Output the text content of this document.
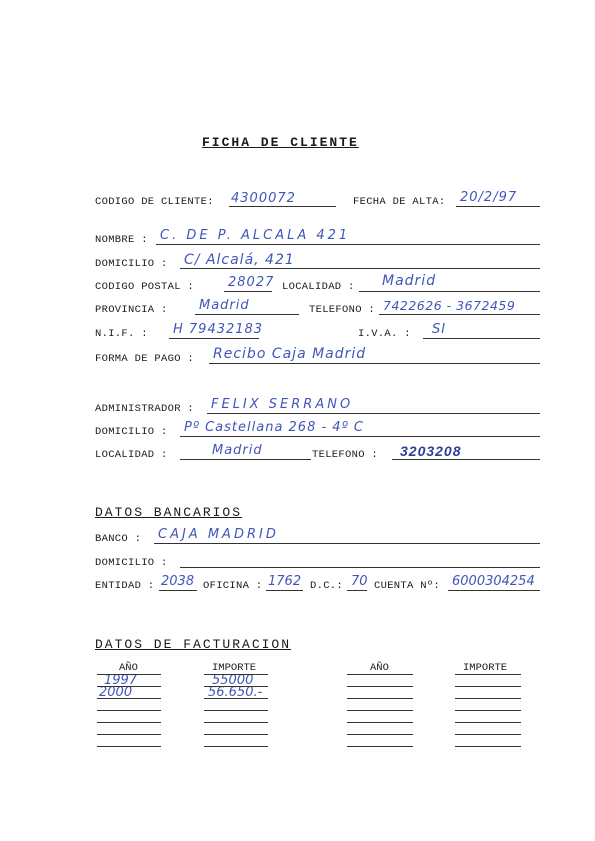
FICHA DE CLIENTE
CODIGO DE CLIENTE: 4300072	FECHA DE ALTA: 20/2/97
NOMBRE : C. DE P. ALCALA 421
DOMICILIO : C/ Alcalá, 421
CODIGO POSTAL :	28027 LOCALIDAD : Madrid
PROVINCIA : Madrid	TELEFONO : 7422626 - 3672459
N.I.F. : H 79432183	I.V.A. : SI
FORMA DE PAGO : Recibo Caja Madrid
ADMINISTRADOR : FELIX SERRANO
DOMICILIO : Pº Castellana 268 - 4º C
LOCALIDAD :	Madrid	TELEFONO : 3203208
DATOS BANCARIOS
BANCO : CAJA MADRID
DOMICILIO :
ENTIDAD : 2038 OFICINA : 1762 D.C.: 70 CUENTA Nº: 6000304254
DATOS DE FACTURACION
AÑO	IMPORTE	AÑO	IMPORTE
1997	55000
2000	56.650.-
